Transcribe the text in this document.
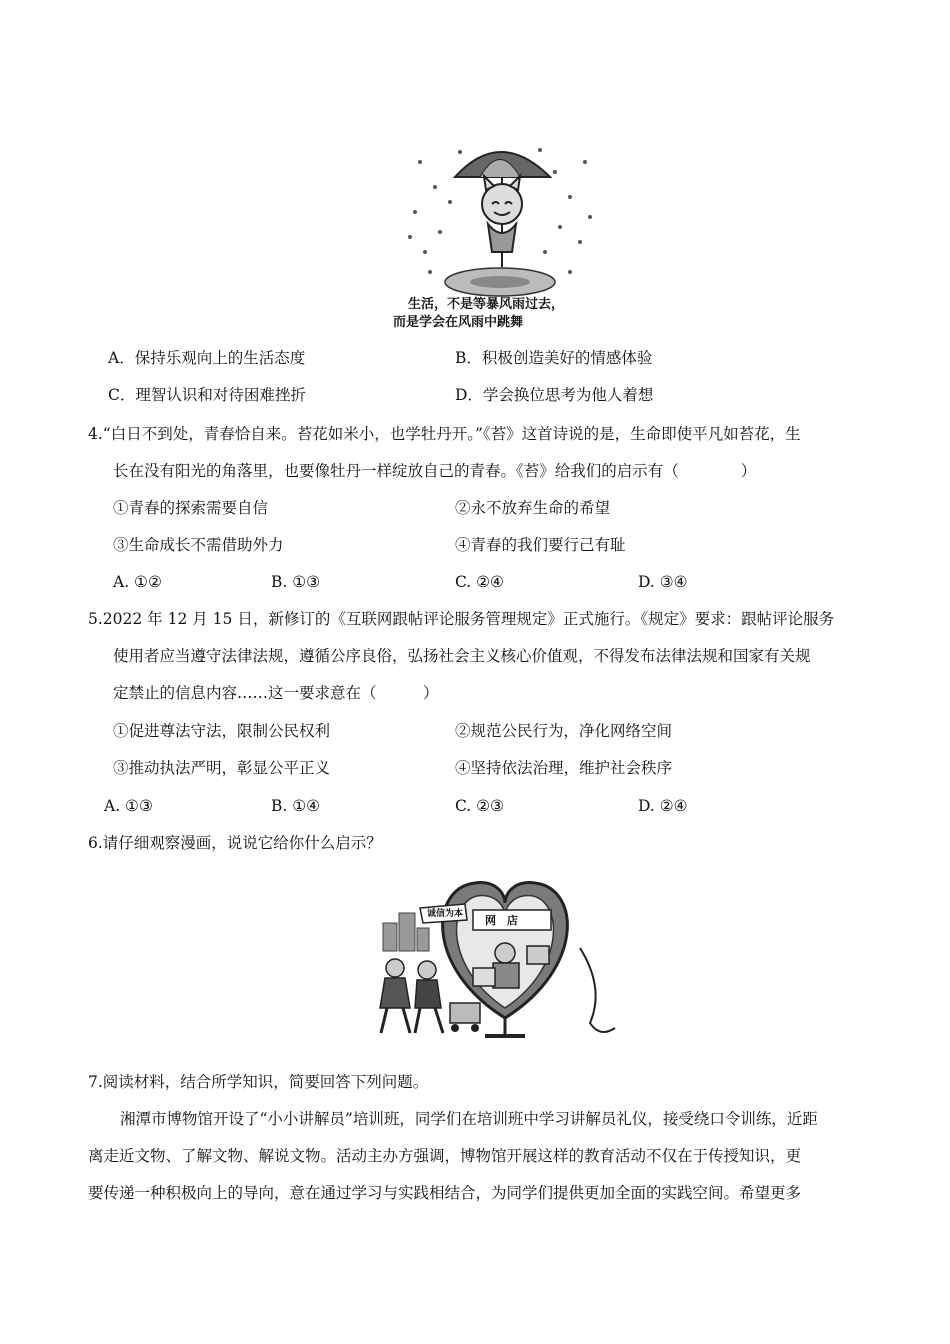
生活，不是等暴风雨过去，
而是学会在风雨中跳舞
A．保持乐观向上的生活态度	B．积极创造美好的情感体验
C．理智认识和对待困难挫折	D．学会换位思考为他人着想
4.“白日不到处，青春恰自来。苔花如米小，也学牡丹开。”《苔》这首诗说的是，生命即使平凡如苔花，生
长在没有阳光的角落里，也要像牡丹一样绽放自己的青春。《苔》给我们的启示有（　　　　）
①青春的探索需要自信	②永不放弃生命的希望
③生命成长不需借助外力	④青春的我们要行己有耻
A. ①②	B. ①③	C. ②④	D. ③④
5.2022 年 12 月 15 日，新修订的《互联网跟帖评论服务管理规定》正式施行。《规定》要求：跟帖评论服务
使用者应当遵守法律法规，遵循公序良俗，弘扬社会主义核心价值观，不得发布法律法规和国家有关规
定禁止的信息内容……这一要求意在（　　　）
①促进尊法守法，限制公民权利	②规范公民行为，净化网络空间
③推动执法严明，彰显公平正义	④坚持依法治理，维护社会秩序
A. ①③	B. ①④	C. ②③	D. ②④
6.请仔细观察漫画，说说它给你什么启示？
诚信为本 网　店
7.阅读材料，结合所学知识，简要回答下列问题。
湘潭市博物馆开设了“小小讲解员”培训班，同学们在培训班中学习讲解员礼仪，接受绕口令训练，近距
离走近文物、了解文物、解说文物。活动主办方强调，博物馆开展这样的教育活动不仅在于传授知识，更
要传递一种积极向上的导向，意在通过学习与实践相结合，为同学们提供更加全面的实践空间。希望更多
